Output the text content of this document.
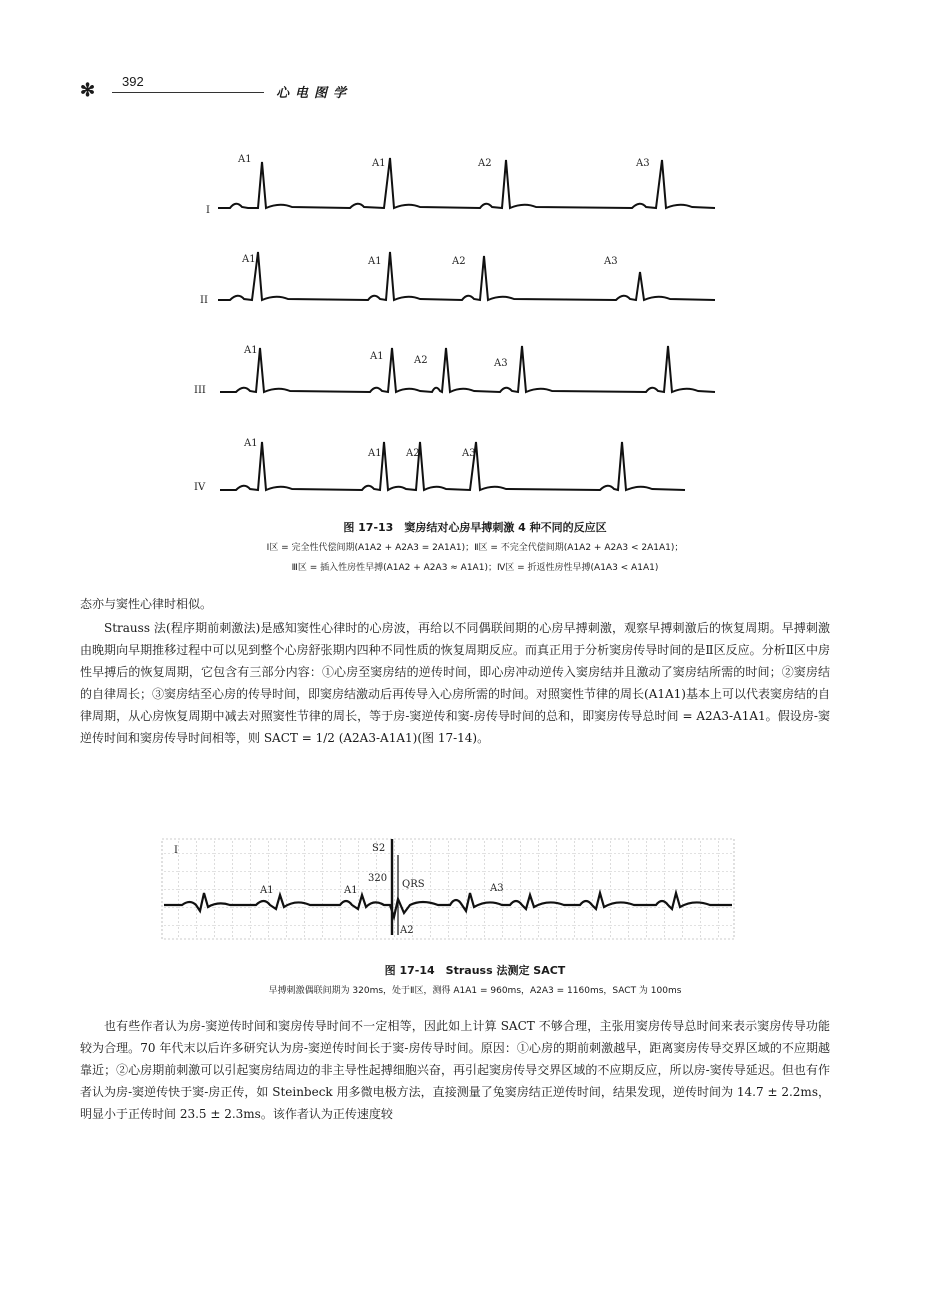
✻ 392
心电图学
I
A1	A1	A2	A3
II
A1	A1	A2	A3
III
A1
A1	A2	A3
IV
A1
A1 A2	A3
图 17-13　窦房结对心房早搏刺激 4 种不同的反应区
Ⅰ区 = 完全性代偿间期(A1A2 + A2A3 = 2A1A1)；Ⅱ区 = 不完全代偿间期(A1A2 + A2A3 < 2A1A1)；
Ⅲ区 = 插入性房性早搏(A1A2 + A2A3 ≈ A1A1)；Ⅳ区 = 折返性房性早搏(A1A3 < A1A1)
态亦与窦性心律时相似。
Strauss 法(程序期前刺激法)是感知窦性心律时的心房波，再给以不同偶联间期的心房早搏刺激，观察早搏刺激后的恢复周期。早搏刺激由晚期向早期推移过程中可以见到整个心房舒张期内四种不同性质的恢复周期反应。而真正用于分析窦房传导时间的是Ⅱ区反应。分析Ⅱ区中房性早搏后的恢复周期，它包含有三部分内容：①心房至窦房结的逆传时间，即心房冲动逆传入窦房结并且激动了窦房结所需的时间；②窦房结的自律周长；③窦房结至心房的传导时间，即窦房结激动后再传导入心房所需的时间。对照窦性节律的周长(A1A1)基本上可以代表窦房结的自律周期，从心房恢复周期中减去对照窦性节律的周长，等于房-窦逆传和窦-房传导时间的总和，即窦房传导总时间 = A2A3-A1A1。假设房-窦逆传时间和窦房传导时间相等，则 SACT = 1/2 (A2A3-A1A1)(图 17-14)。
I	S2
320
QRS
A1	A1	A3
A2
图 17-14　Strauss 法测定 SACT
早搏刺激偶联间期为 320ms，处于Ⅱ区，测得 A1A1 = 960ms，A2A3 = 1160ms，SACT 为 100ms
也有些作者认为房-窦逆传时间和窦房传导时间不一定相等，因此如上计算 SACT 不够合理，主张用窦房传导总时间来表示窦房传导功能较为合理。70 年代末以后许多研究认为房-窦逆传时间长于窦-房传导时间。原因：①心房的期前刺激越早，距离窦房传导交界区域的不应期越靠近；②心房期前刺激可以引起窦房结周边的非主导性起搏细胞兴奋，再引起窦房传导交界区域的不应期反应，所以房-窦传导延迟。但也有作者认为房-窦逆传快于窦-房正传，如 Steinbeck 用多微电极方法，直接测量了兔窦房结正逆传时间，结果发现，逆传时间为 14.7 ± 2.2ms，明显小于正传时间 23.5 ± 2.3ms。该作者认为正传速度较
